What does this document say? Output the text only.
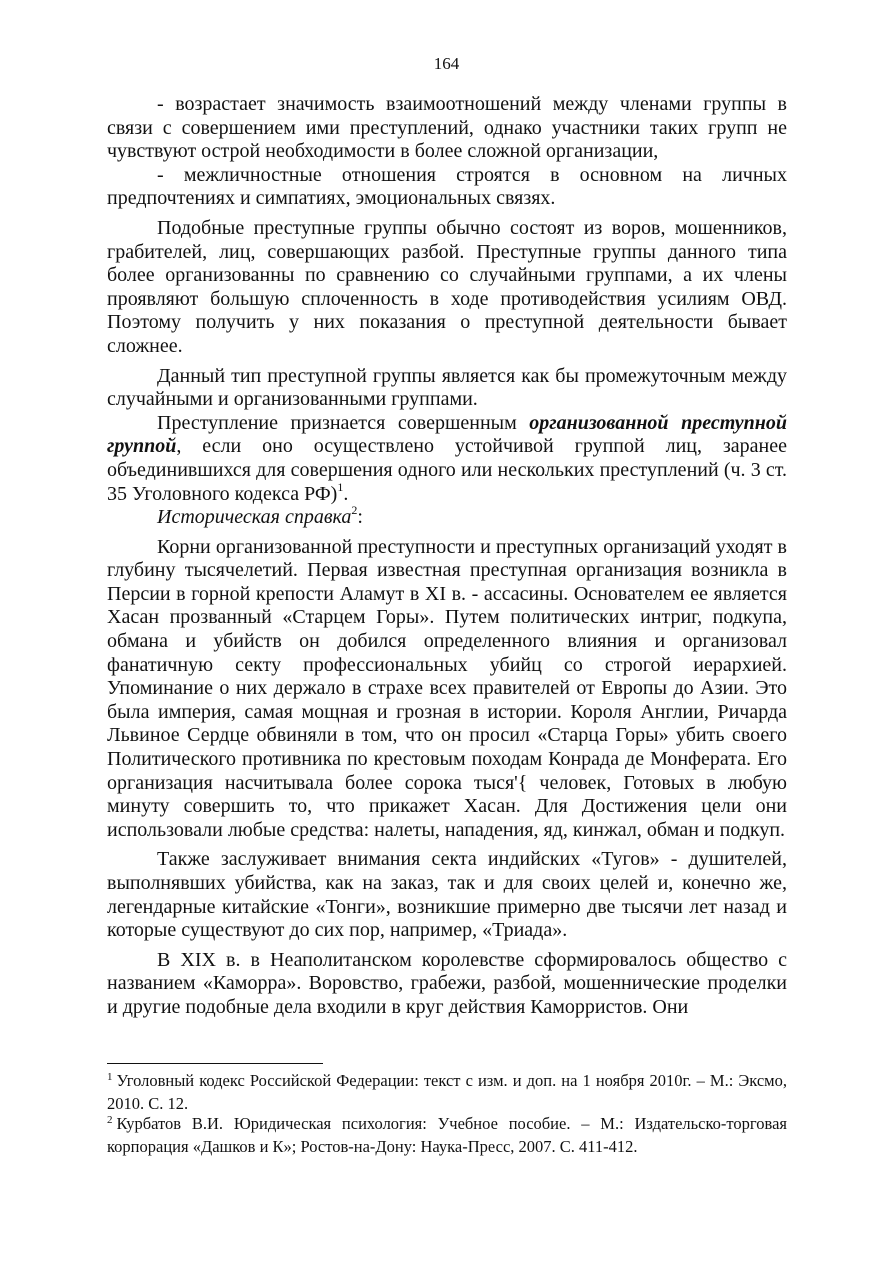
164

- возрастает значимость взаимоотношений между членами группы в связи с совершением ими преступлений, однако участники таких групп не чувствуют острой необходимости в более сложной организации,

- межличностные отношения строятся в основном на личных предпочтениях и симпатиях, эмоциональных связях.

Подобные преступные группы обычно состоят из воров, мошенников, грабителей, лиц, совершающих разбой. Преступные группы данного типа более организованны по сравнению со случайными группами, а их члены проявляют большую сплоченность в ходе противодействия усилиям ОВД. Поэтому получить у них показания о преступной деятельности бывает сложнее.

Данный тип преступной группы является как бы промежуточным между случайными и организованными группами.

Преступление признается совершенным организованной преступной группой, если оно осуществлено устойчивой группой лиц, заранее объединившихся для совершения одного или нескольких преступлений (ч. 3 ст. 35 Уголовного кодекса РФ)$^1$.

Историческая справка$^2$:

Корни организованной преступности и преступных организаций уходят в глубину тысячелетий. Первая известная преступная организация возникла в Персии в горной крепости Аламут в XI в. - ассасины. Основателем ее является Хасан прозванный «Старцем Горы». Путем политических интриг, подкупа, обмана и убийств он добился определенного влияния и организовал фанатичную секту профессиональных убийц со строгой иерархией. Упоминание о них держало в страхе всех правителей от Европы до Азии. Это была империя, самая мощная и грозная в истории. Короля Англии, Ричарда Львиное Сердце обвиняли в том, что он просил «Старца Горы» убить своего Политического противника по крестовым походам Конрада де Монферата. Его организация насчитывала более сорока тыся'{ человек, Готовых в любую минуту совершить то, что прикажет Хасан. Для Достижения цели они использовали любые средства: налеты, нападения, яд, кинжал, обман и подкуп.

Также заслуживает внимания секта индийских «Тугов» - душителей, выполнявших убийства, как на заказ, так и для своих целей и, конечно же, легендарные китайские «Тонги», возникшие примерно две тысячи лет назад и которые существуют до сих пор, например, «Триада».

В XIX в. в Неаполитанском королевстве сформировалось общество с названием «Каморра». Воровство, грабежи, разбой, мошеннические проделки и другие подобные дела входили в круг действия Каморристов. Они

$^1$ Уголовный кодекс Российской Федерации: текст с изм. и доп. на 1 ноября 2010г. – М.: Эксмо, 2010. С. 12.

$^2$ Курбатов В.И. Юридическая психология: Учебное пособие. – М.: Издательско-торговая корпорация «Дашков и К»; Ростов-на-Дону: Наука-Пресс, 2007. С. 411-412.
